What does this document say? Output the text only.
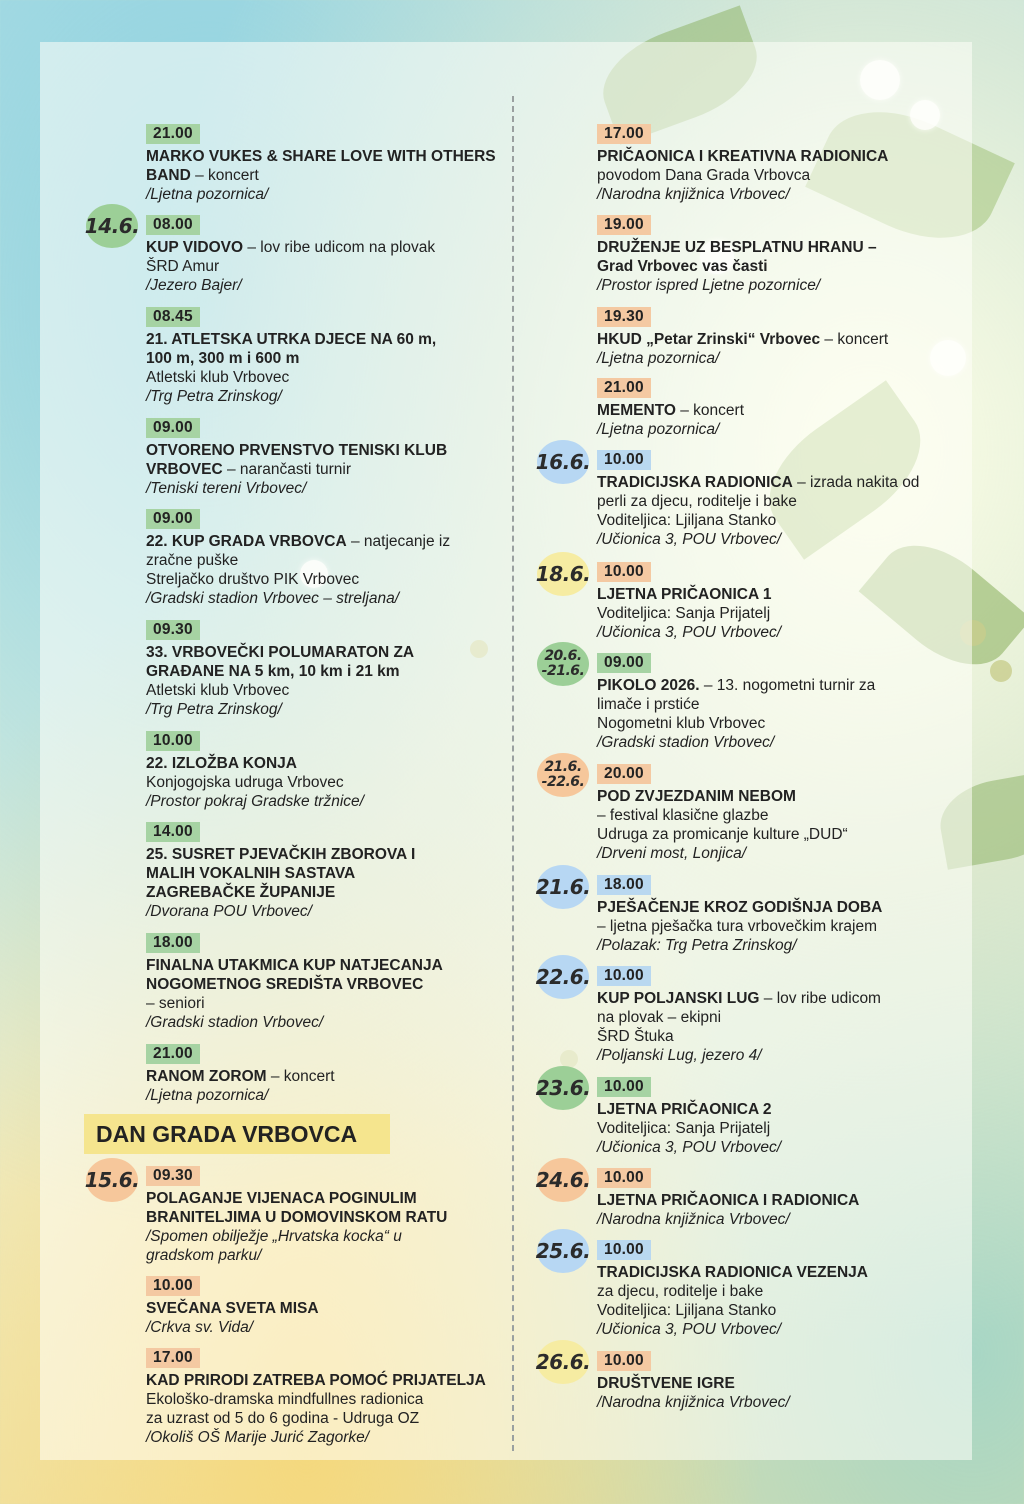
21.00
MARKO VUKES & SHARE LOVE WITH OTHERS BAND – koncert
/Ljetna pozornica/
14.6. 08.00
KUP VIDOVO – lov ribe udicom na plovak
ŠRD Amur
/Jezero Bajer/
08.45
21. ATLETSKA UTRKA DJECE NA 60 m, 100 m, 300 m i 600 m
Atletski klub Vrbovec
/Trg Petra Zrinskog/
09.00
OTVORENO PRVENSTVO TENISKI KLUB VRBOVEC – narančasti turnir
/Teniski tereni Vrbovec/
09.00
22. KUP GRADA VRBOVCA – natjecanje iz zračne puške
Streljačko društvo PIK Vrbovec
/Gradski stadion Vrbovec – streljana/
09.30
33. VRBOVEČKI POLUMARATON ZA GRAĐANE NA 5 km, 10 km i 21 km
Atletski klub Vrbovec
/Trg Petra Zrinskog/
10.00
22. IZLOŽBA KONJA
Konjogojska udruga Vrbovec
/Prostor pokraj Gradske tržnice/
14.00
25. SUSRET PJEVAČKIH ZBOROVA I MALIH VOKALNIH SASTAVA ZAGREBAČKE ŽUPANIJE
/Dvorana POU Vrbovec/
18.00
FINALNA UTAKMICA KUP NATJECANJA NOGOMETNOG SREDIŠTA VRBOVEC
– seniori
/Gradski stadion Vrbovec/
21.00
RANOM ZOROM – koncert
/Ljetna pozornica/
DAN GRADA VRBOVCA
15.6. 09.30
POLAGANJE VIJENACA POGINULIM BRANITELJIMA U DOMOVINSKOM RATU
/Spomen obilježje „Hrvatska kocka“ u gradskom parku/
10.00
SVEČANA SVETA MISA
/Crkva sv. Vida/
17.00
KAD PRIRODI ZATREBA POMOĆ PRIJATELJA
Ekološko-dramska mindfullnes radionica
za uzrast od 5 do 6 godina - Udruga OZ
/Okoliš OŠ Marije Jurić Zagorke/
17.00
PRIČAONICA I KREATIVNA RADIONICA
povodom Dana Grada Vrbovca
/Narodna knjižnica Vrbovec/
19.00
DRUŽENJE UZ BESPLATNU HRANU – Grad Vrbovec vas časti
/Prostor ispred Ljetne pozornice/
19.30
HKUD „Petar Zrinski“ Vrbovec – koncert
/Ljetna pozornica/
21.00
MEMENTO – koncert
/Ljetna pozornica/
16.6. 10.00
TRADICIJSKA RADIONICA – izrada nakita od perli za djecu, roditelje i bake
Voditeljica: Ljiljana Stanko
/Učionica 3, POU Vrbovec/
18.6. 10.00
LJETNA PRIČAONICA 1
Voditeljica: Sanja Prijatelj
/Učionica 3, POU Vrbovec/
20.6.
-21.6.	09.00
PIKOLO 2026. – 13. nogometni turnir za limače i prstiće
Nogometni klub Vrbovec
/Gradski stadion Vrbovec/
21.6.
-22.6.	20.00
POD ZVJEZDANIM NEBOM
– festival klasične glazbe
Udruga za promicanje kulture „DUD“
/Drveni most, Lonjica/
21.6. 18.00
PJEŠAČENJE KROZ GODIŠNJA DOBA
– ljetna pješačka tura vrbovečkim krajem
/Polazak: Trg Petra Zrinskog/
22.6. 10.00
KUP POLJANSKI LUG – lov ribe udicom na plovak – ekipni
ŠRD Štuka
/Poljanski Lug, jezero 4/
23.6. 10.00
LJETNA PRIČAONICA 2
Voditeljica: Sanja Prijatelj
/Učionica 3, POU Vrbovec/
24.6. 10.00
LJETNA PRIČAONICA I RADIONICA
/Narodna knjižnica Vrbovec/
25.6. 10.00
TRADICIJSKA RADIONICA VEZENJA
za djecu, roditelje i bake
Voditeljica: Ljiljana Stanko
/Učionica 3, POU Vrbovec/
26.6. 10.00
DRUŠTVENE IGRE
/Narodna knjižnica Vrbovec/
